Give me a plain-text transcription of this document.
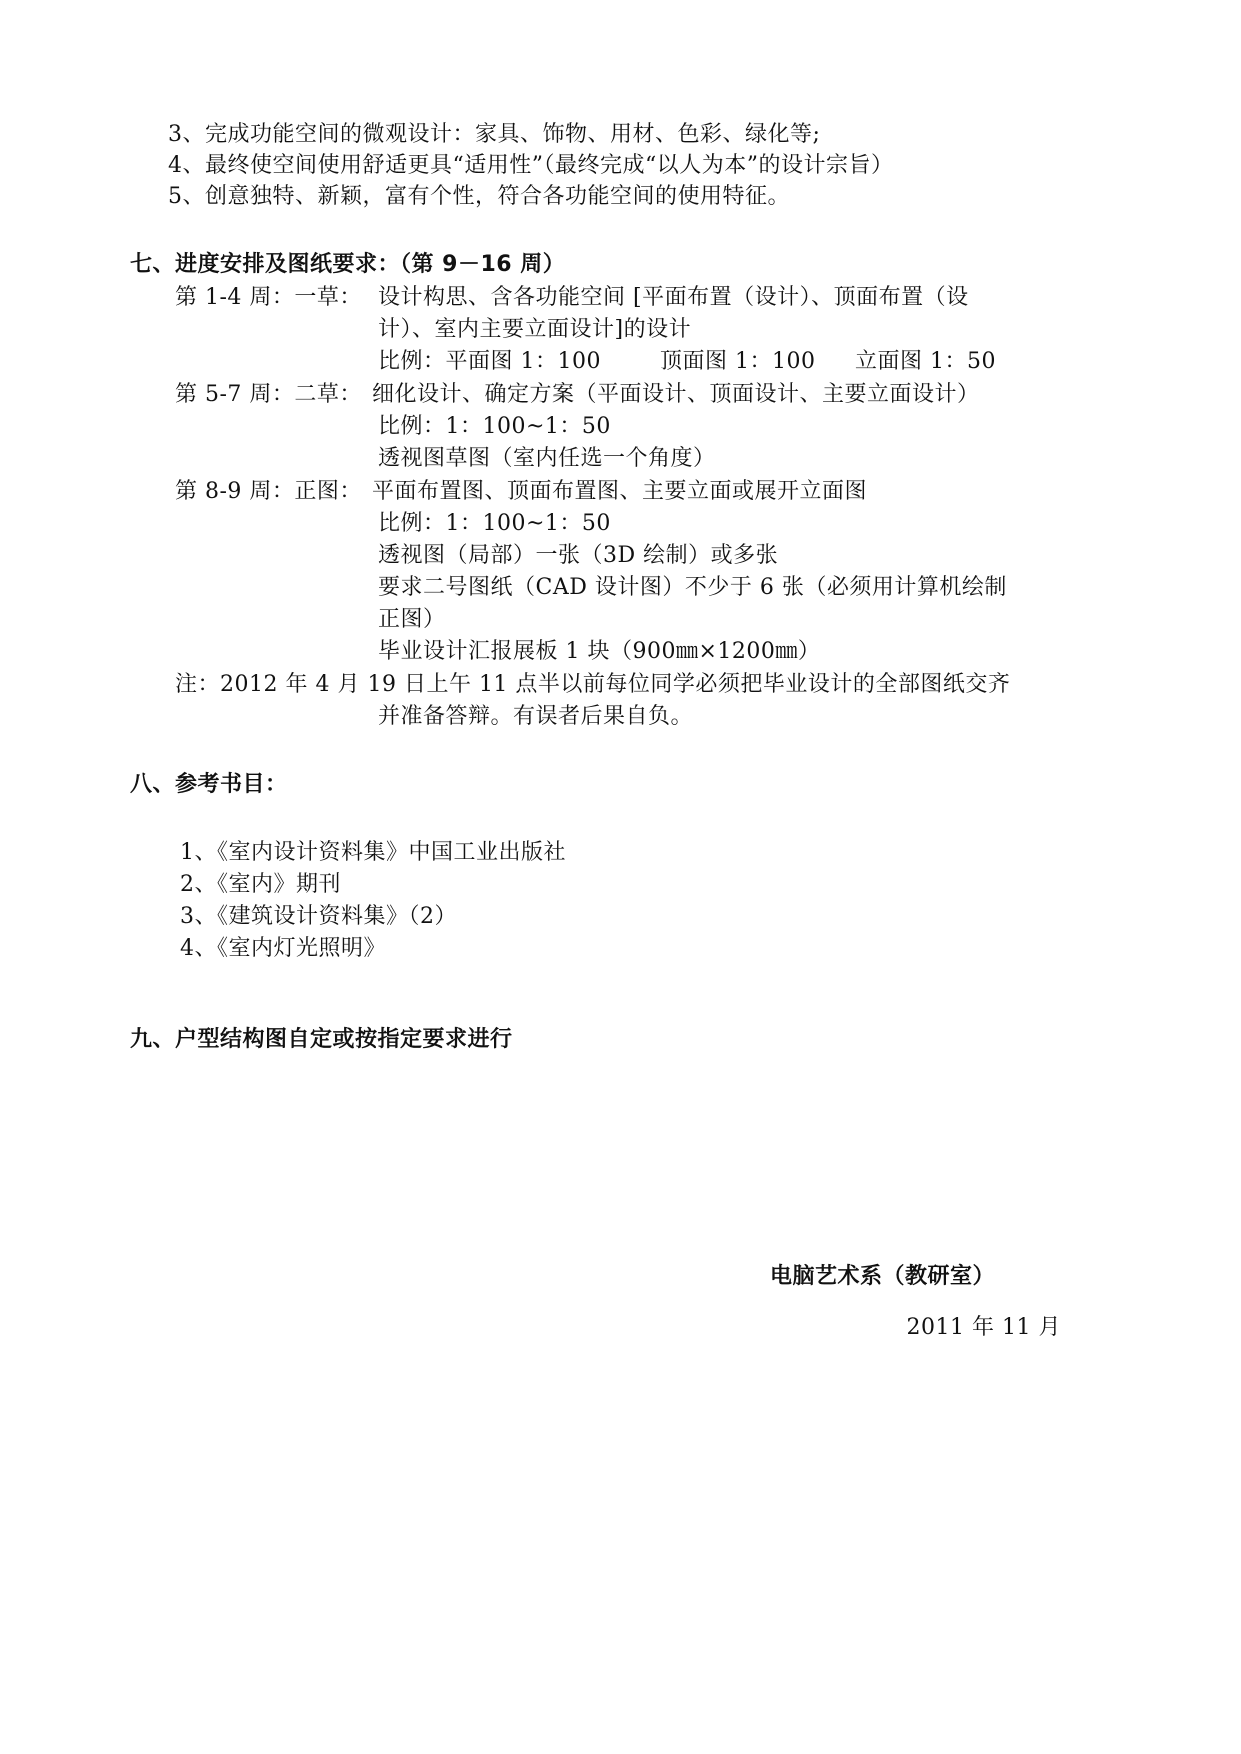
3、完成功能空间的微观设计：家具、饰物、用材、色彩、绿化等;
4、最终使空间使用舒适更具“适用性”（最终完成“以人为本”的设计宗旨）
5、创意独特、新颖，富有个性，符合各功能空间的使用特征。
七、进度安排及图纸要求：（第 9－16 周）
第 1-4 周：一草： 设计构思、含各功能空间 [平面布置（设计）、顶面布置（设
计）、室内主要立面设计]的设计
比例：平面图 1：100	顶面图 1：100 立面图 1：50
第 5-7 周：二草： 细化设计、确定方案（平面设计、顶面设计、主要立面设计）
比例：1：100~1：50
透视图草图（室内任选一个角度）
第 8-9 周：正图： 平面布置图、顶面布置图、主要立面或展开立面图
比例：1：100~1：50
透视图（局部）一张（3D 绘制）或多张
要求二号图纸（CAD 设计图）不少于 6 张（必须用计算机绘制
正图）
毕业设计汇报展板 1 块（900㎜×1200㎜）
注：2012 年 4 月 19 日上午 11 点半以前每位同学必须把毕业设计的全部图纸交齐
并准备答辩。有误者后果自负。
八、参考书目：
1、《室内设计资料集》中国工业出版社
2、《室内》期刊
3、《建筑设计资料集》（2）
4、《室内灯光照明》
九、户型结构图自定或按指定要求进行
电脑艺术系（教研室）
2011 年 11 月
